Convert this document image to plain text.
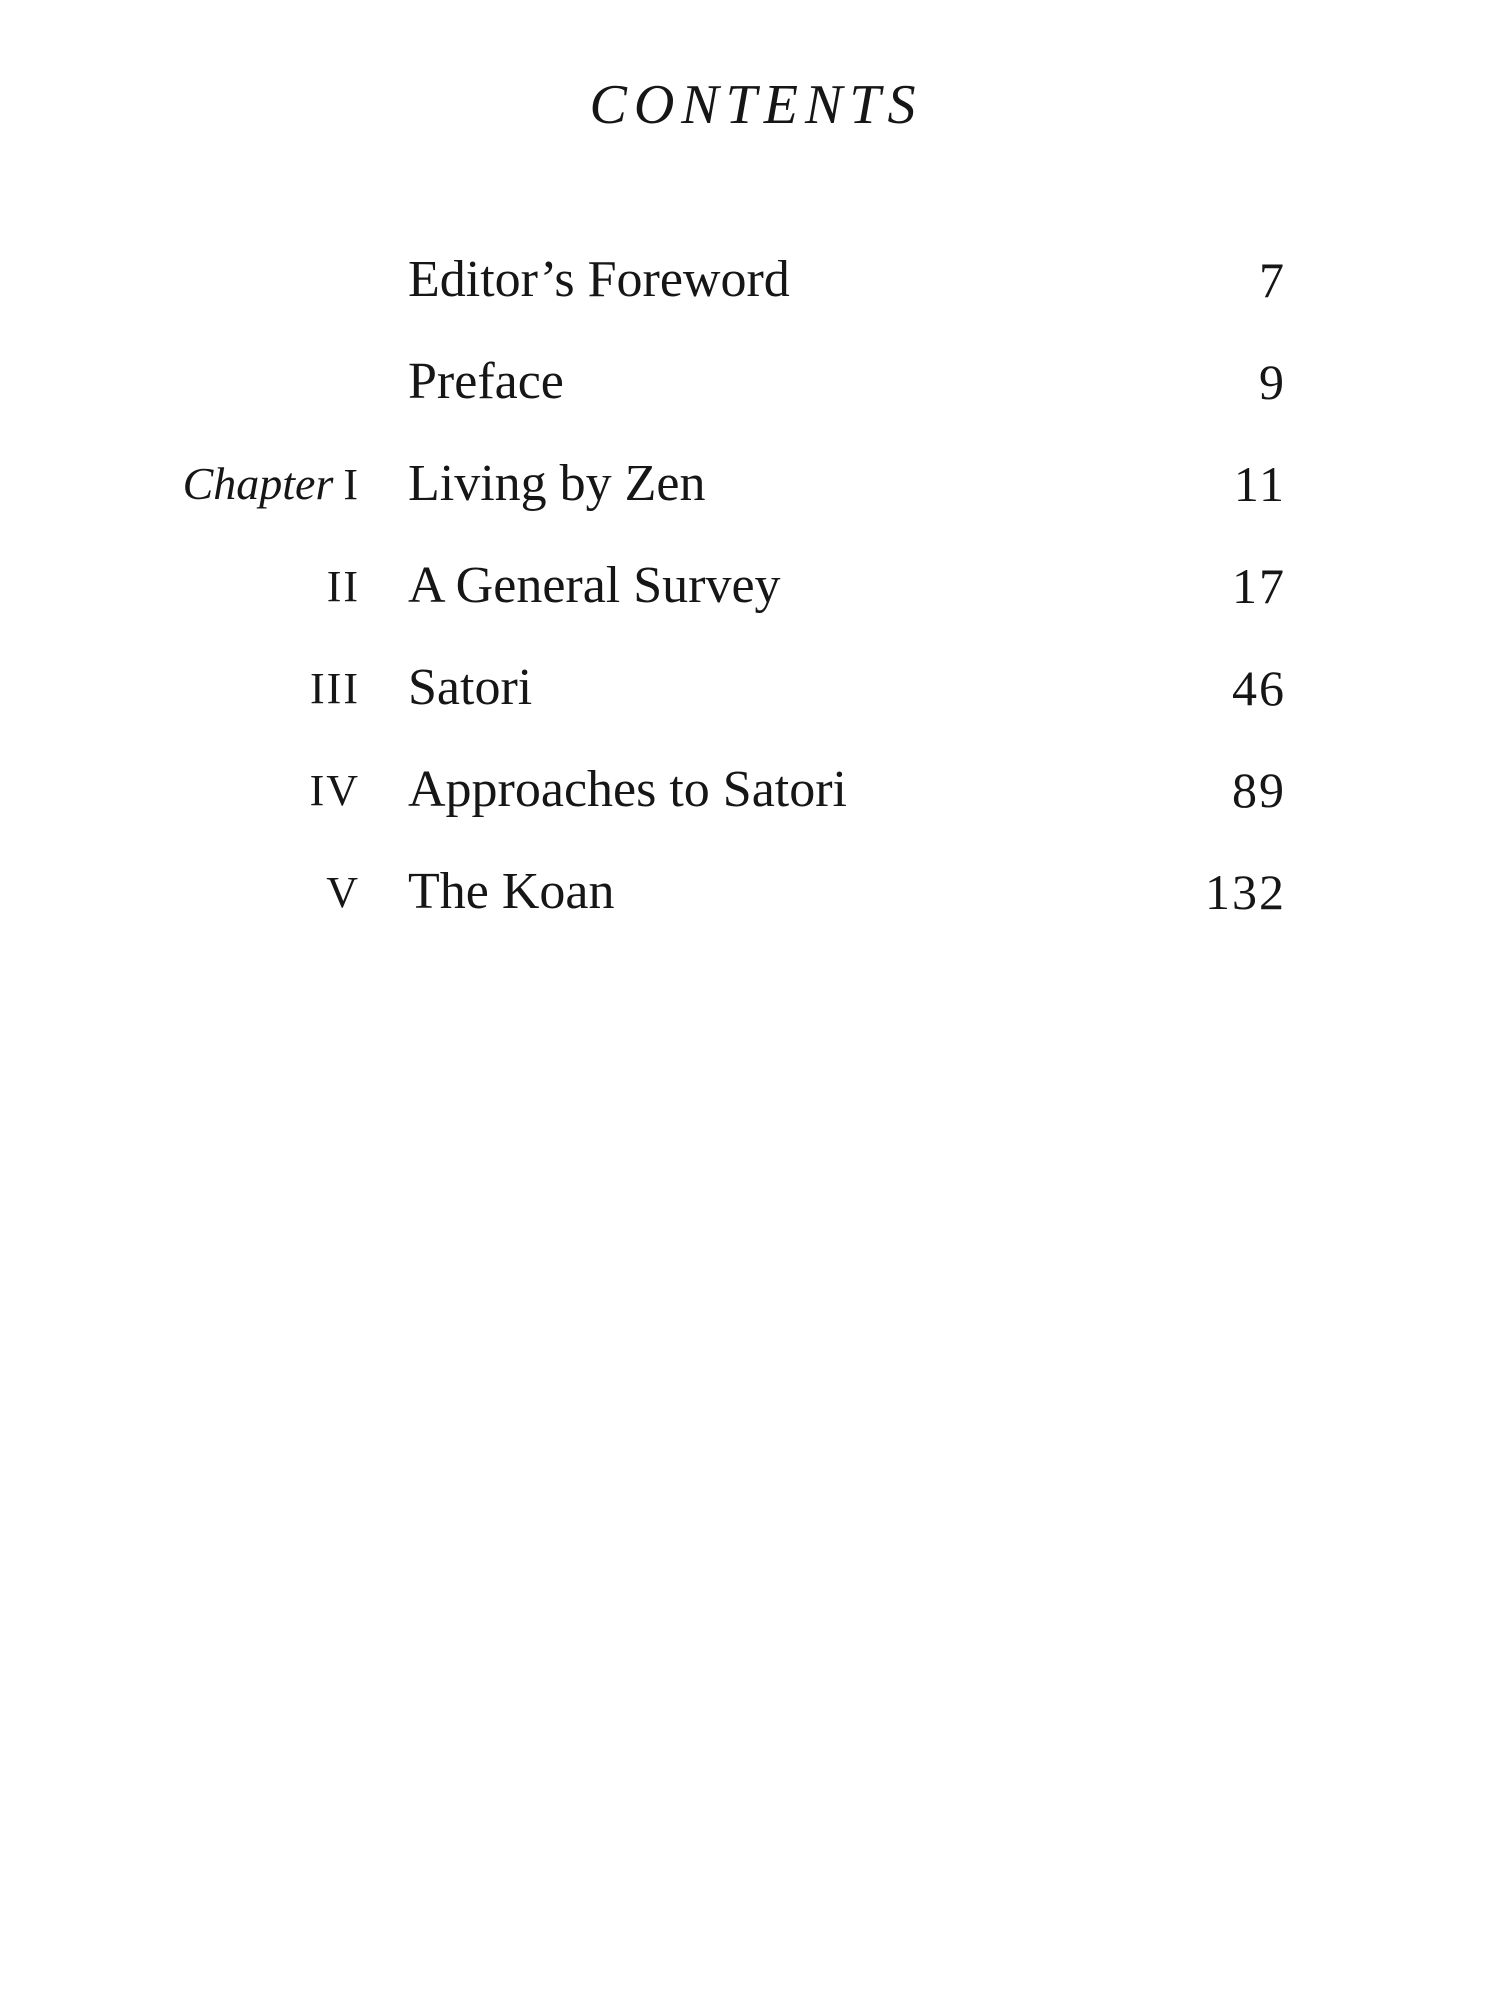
CONTENTS
Editor’s Foreword	7
Preface	9
Chapter I Living by Zen	11
II A General Survey	17
III Satori	46
IV Approaches to Satori	89
V The Koan	132
